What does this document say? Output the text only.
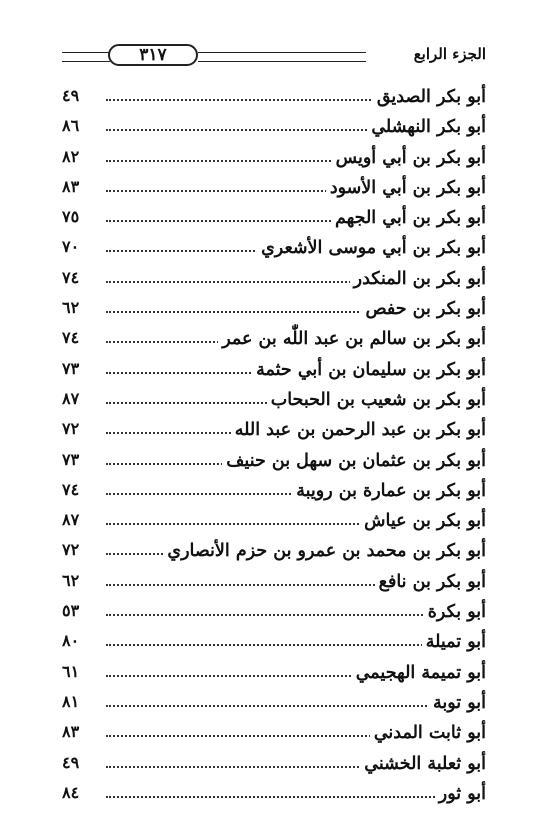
٣١٧	الجزء الرابع
أبو بكر الصديق
٤٩
أبو بكر النهشلي
٨٦
أبو بكر بن أبي أويس
٨٢
أبو بكر بن أبي الأسود
٨٣
أبو بكر بن أبي الجهم
٧٥
أبو بكر بن أبي موسى الأشعري
٧٠
أبو بكر بن المنكدر
٧٤
أبو بكر بن حفص
٦٢
أبو بكر بن سالم بن عبد اللّٰه بن عمر
٧٤
أبو بكر بن سليمان بن أبي حثمة
٧٣
أبو بكر بن شعيب بن الحبحاب
٨٧
أبو بكر بن عبد الرحمن بن عبد الله
٧٢
أبو بكر بن عثمان بن سهل بن حنيف
٧٣
أبو بكر بن عمارة بن رويبة
٧٤
أبو بكر بن عياش
٨٧
أبو بكر بن محمد بن عمرو بن حزم الأنصاري
٧٢
أبو بكر بن نافع
٦٢
أبو بكرة
٥٣
أبو تميلة
٨٠
أبو تميمة الهجيمي
٦١
أبو توبة
٨١
أبو ثابت المدني
٨٣
أبو ثعلبة الخشني
٤٩
أبو ثور
٨٤
